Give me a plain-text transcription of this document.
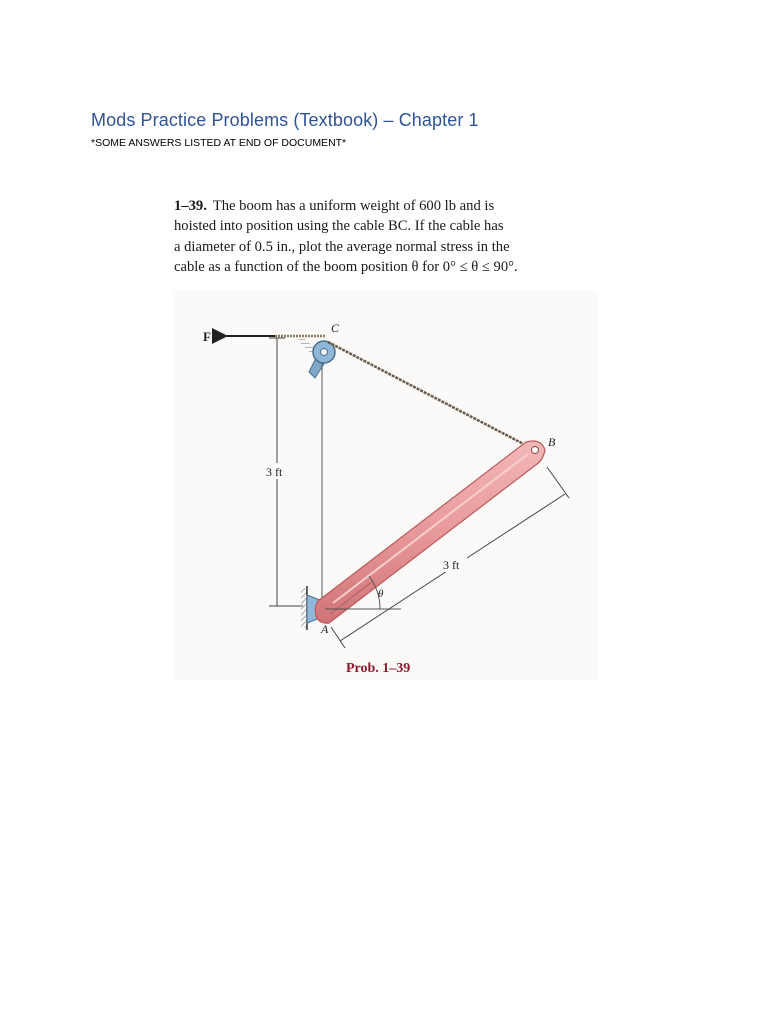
Mods Practice Problems (Textbook) – Chapter 1
*SOME ANSWERS LISTED AT END OF DOCUMENT*
1–39. The boom has a uniform weight of 600 lb and is
hoisted into position using the cable BC. If the cable has
a diameter of 0.5 in., plot the average normal stress in the
cable as a function of the boom position θ for 0° ≤ θ ≤ 90°.
F
C
3 ft
B
θ
3 ft
A
Prob. 1–39
